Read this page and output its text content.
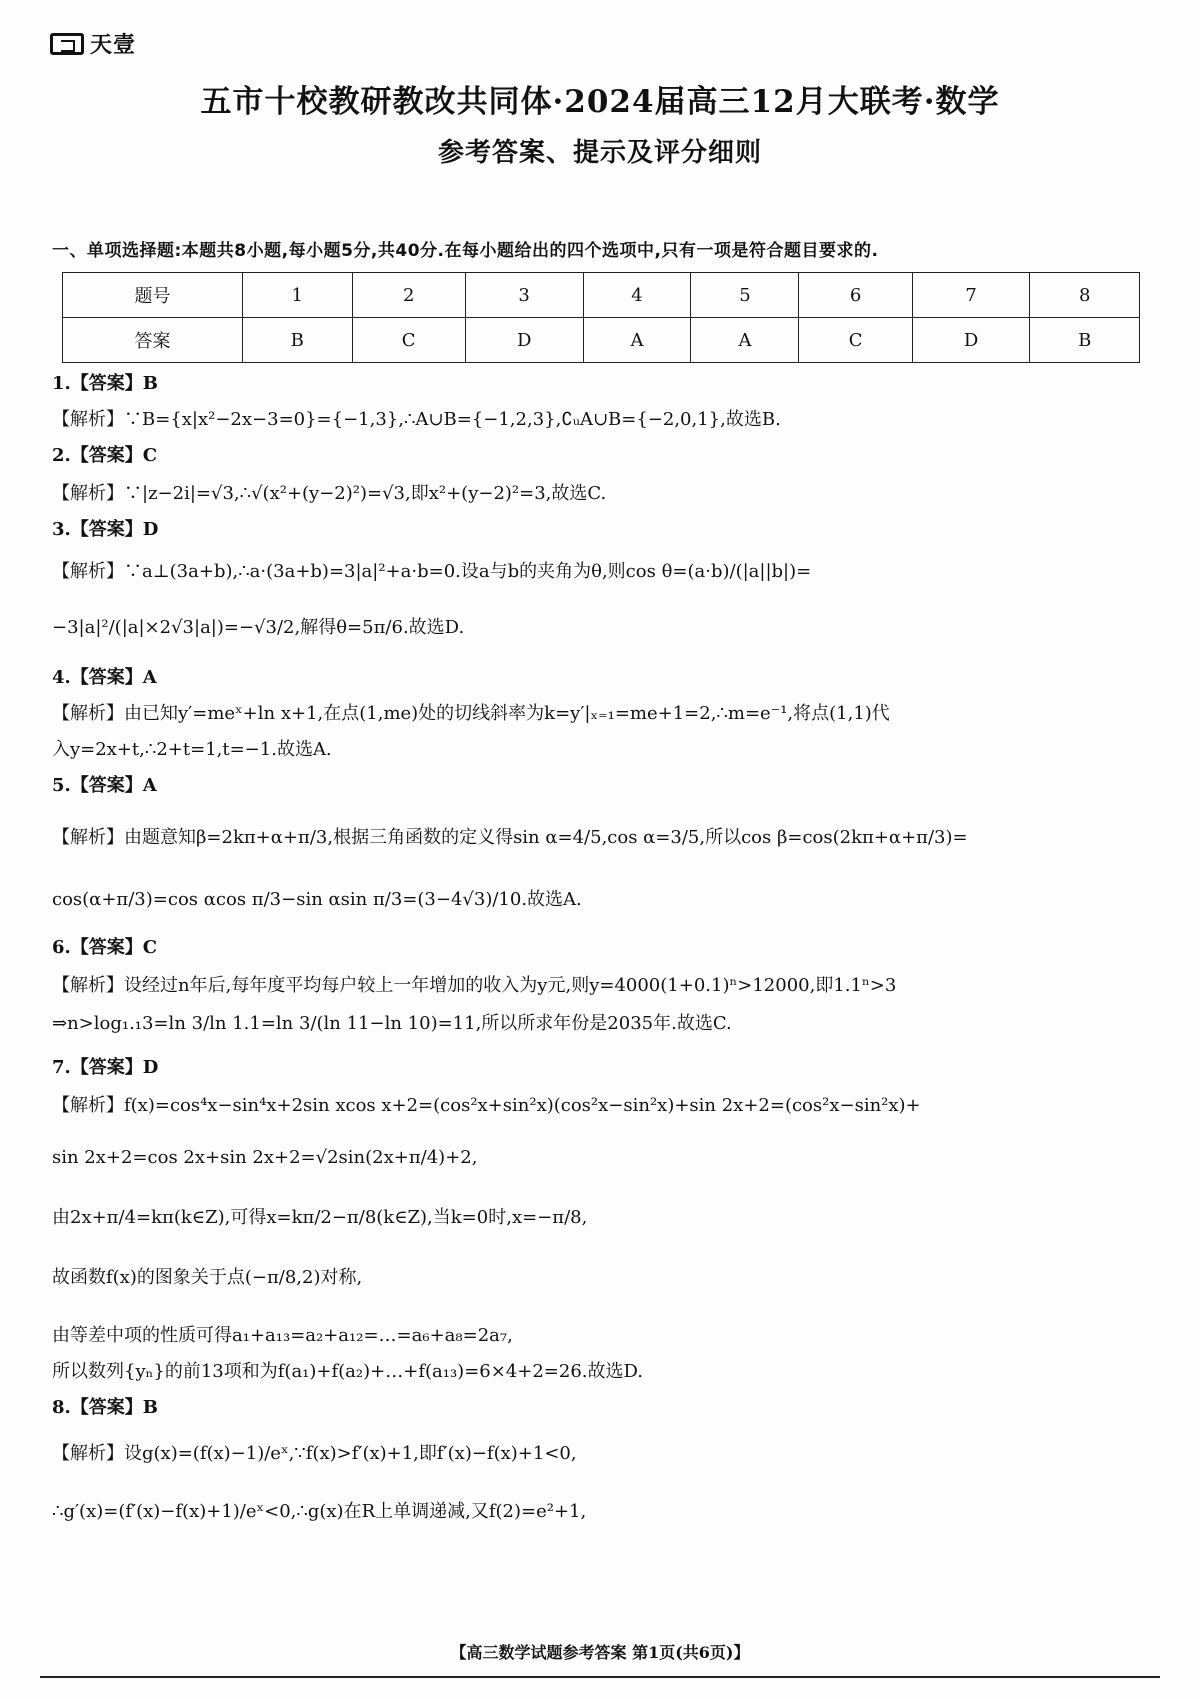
天壹
五市十校教研教改共同体·2024届高三12月大联考·数学
参考答案、提示及评分细则
一、单项选择题:本题共8小题,每小题5分,共40分.在每小题给出的四个选项中,只有一项是符合题目要求的.
题号	1	2	3	4	5	6	7	8
答案	B	C	D	A	A	C	D	B
1.【答案】B
【解析】∵B={x|x²−2x−3=0}={−1,3},∴A∪B={−1,2,3},∁ᵤA∪B={−2,0,1},故选B.
2.【答案】C
【解析】∵|z−2i|=√3,∴√(x²+(y−2)²)=√3,即x²+(y−2)²=3,故选C.
3.【答案】D
【解析】∵a⊥(3a+b),∴a·(3a+b)=3|a|²+a·b=0.设a与b的夹角为θ,则cos θ=(a·b)/(|a||b|)=
−3|a|²/(|a|×2√3|a|)=−√3/2,解得θ=5π/6.故选D.
4.【答案】A
【解析】由已知y′=meˣ+ln x+1,在点(1,me)处的切线斜率为k=y′|ₓ₌₁=me+1=2,∴m=e⁻¹,将点(1,1)代
入y=2x+t,∴2+t=1,t=−1.故选A.
5.【答案】A
【解析】由题意知β=2kπ+α+π/3,根据三角函数的定义得sin α=4/5,cos α=3/5,所以cos β=cos(2kπ+α+π/3)=
cos(α+π/3)=cos αcos π/3−sin αsin π/3=(3−4√3)/10.故选A.
6.【答案】C
【解析】设经过n年后,每年度平均每户较上一年增加的收入为y元,则y=4000(1+0.1)ⁿ>12000,即1.1ⁿ>3
⇒n>log₁.₁3=ln 3/ln 1.1=ln 3/(ln 11−ln 10)=11,所以所求年份是2035年.故选C.
7.【答案】D
【解析】f(x)=cos⁴x−sin⁴x+2sin xcos x+2=(cos²x+sin²x)(cos²x−sin²x)+sin 2x+2=(cos²x−sin²x)+
sin 2x+2=cos 2x+sin 2x+2=√2sin(2x+π/4)+2,
由2x+π/4=kπ(k∈Z),可得x=kπ/2−π/8(k∈Z),当k=0时,x=−π/8,
故函数f(x)的图象关于点(−π/8,2)对称,
由等差中项的性质可得a₁+a₁₃=a₂+a₁₂=…=a₆+a₈=2a₇,
所以数列{yₙ}的前13项和为f(a₁)+f(a₂)+…+f(a₁₃)=6×4+2=26.故选D.
8.【答案】B
【解析】设g(x)=(f(x)−1)/eˣ,∵f(x)>f′(x)+1,即f′(x)−f(x)+1<0,
∴g′(x)=(f′(x)−f(x)+1)/eˣ<0,∴g(x)在R上单调递减,又f(2)=e²+1,
【高三数学试题参考答案 第1页(共6页)】
